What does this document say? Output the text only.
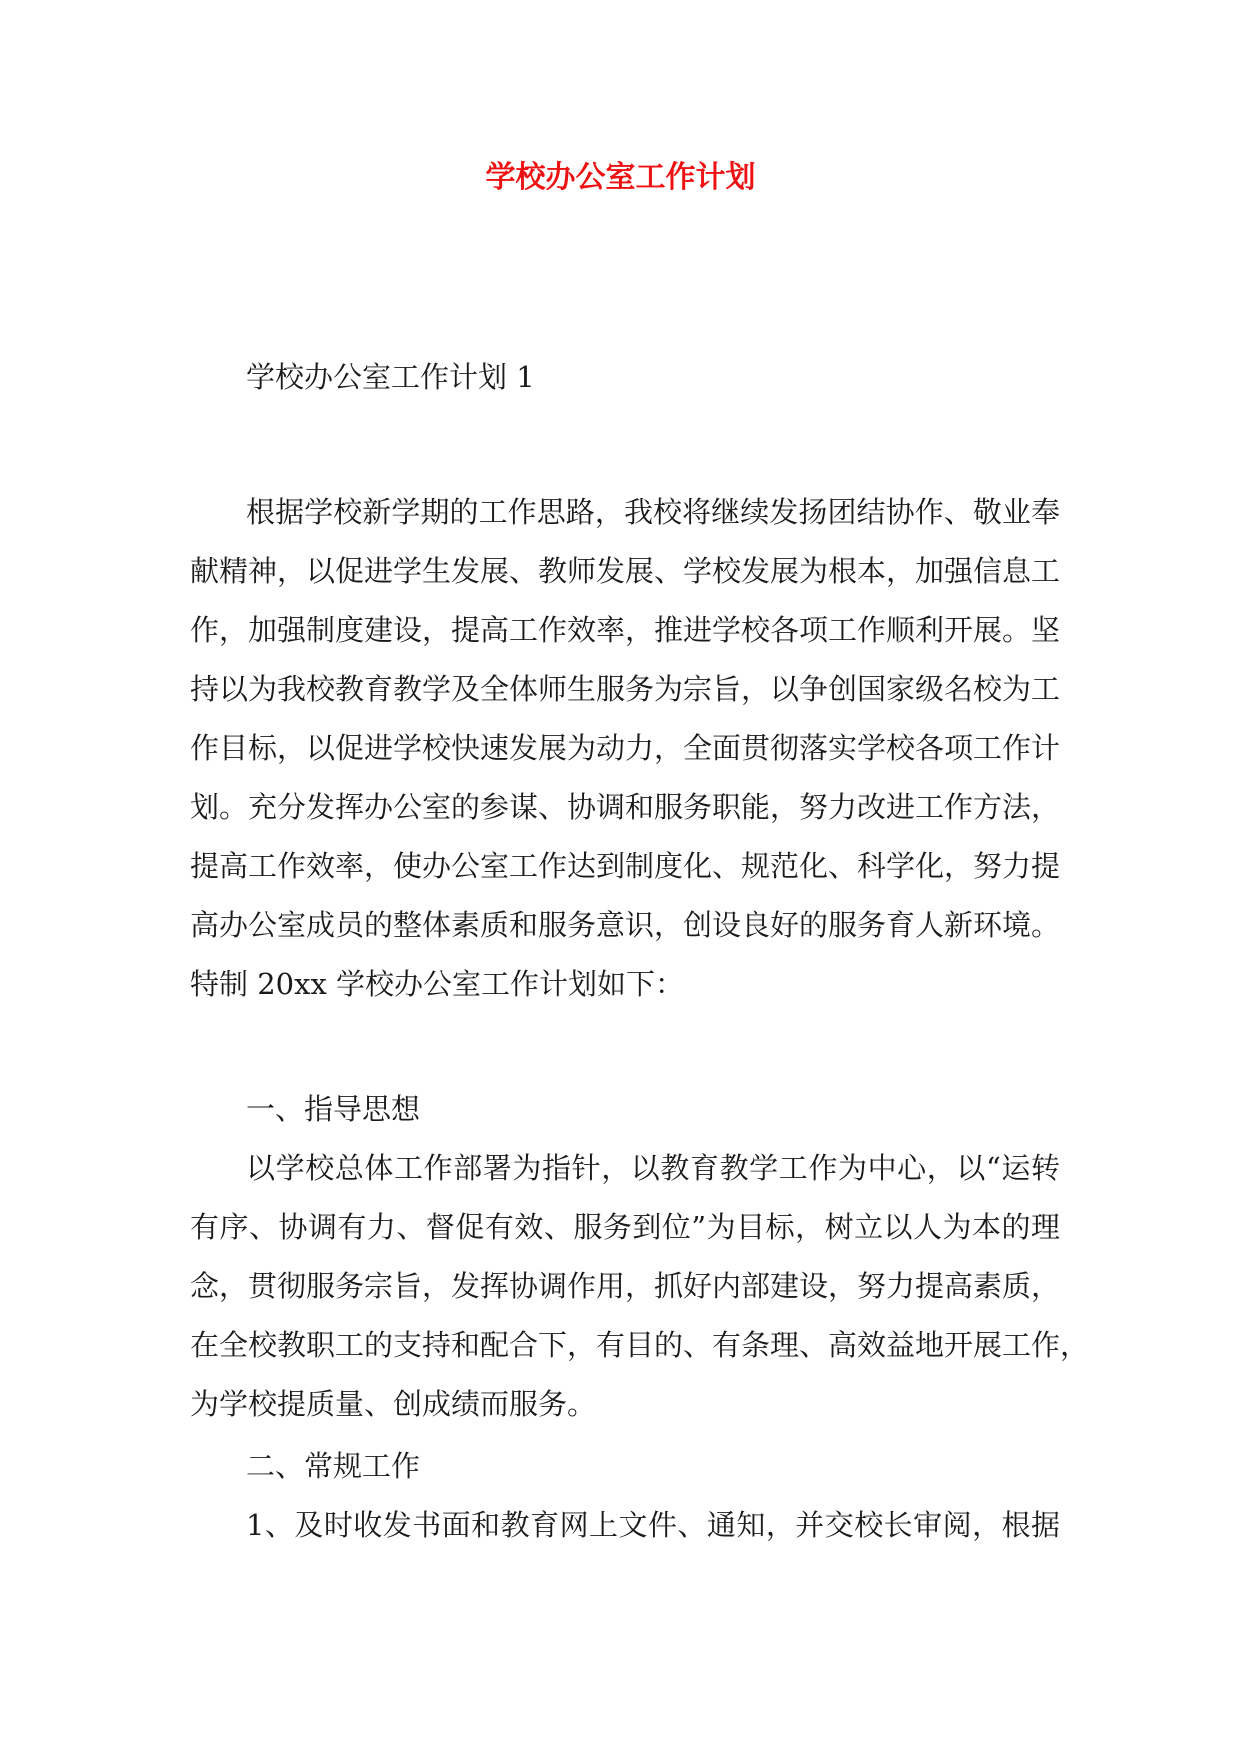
学校办公室工作计划

学校办公室工作计划 1

根据学校新学期的工作思路，我校将继续发扬团结协作、敬业奉
献精神，以促进学生发展、教师发展、学校发展为根本，加强信息工
作，加强制度建设，提高工作效率，推进学校各项工作顺利开展。坚
持以为我校教育教学及全体师生服务为宗旨，以争创国家级名校为工
作目标，以促进学校快速发展为动力，全面贯彻落实学校各项工作计
划。充分发挥办公室的参谋、协调和服务职能，努力改进工作方法，
提高工作效率，使办公室工作达到制度化、规范化、科学化，努力提
高办公室成员的整体素质和服务意识，创设良好的服务育人新环境。
特制 20xx 学校办公室工作计划如下：
一、指导思想
以学校总体工作部署为指针，以教育教学工作为中心，以“运转
有序、协调有力、督促有效、服务到位”为目标，树立以人为本的理
念，贯彻服务宗旨，发挥协调作用，抓好内部建设，努力提高素质，
在全校教职工的支持和配合下，有目的、有条理、高效益地开展工作，
为学校提质量、创成绩而服务。
二、常规工作
1、及时收发书面和教育网上文件、通知，并交校长审阅，根据
